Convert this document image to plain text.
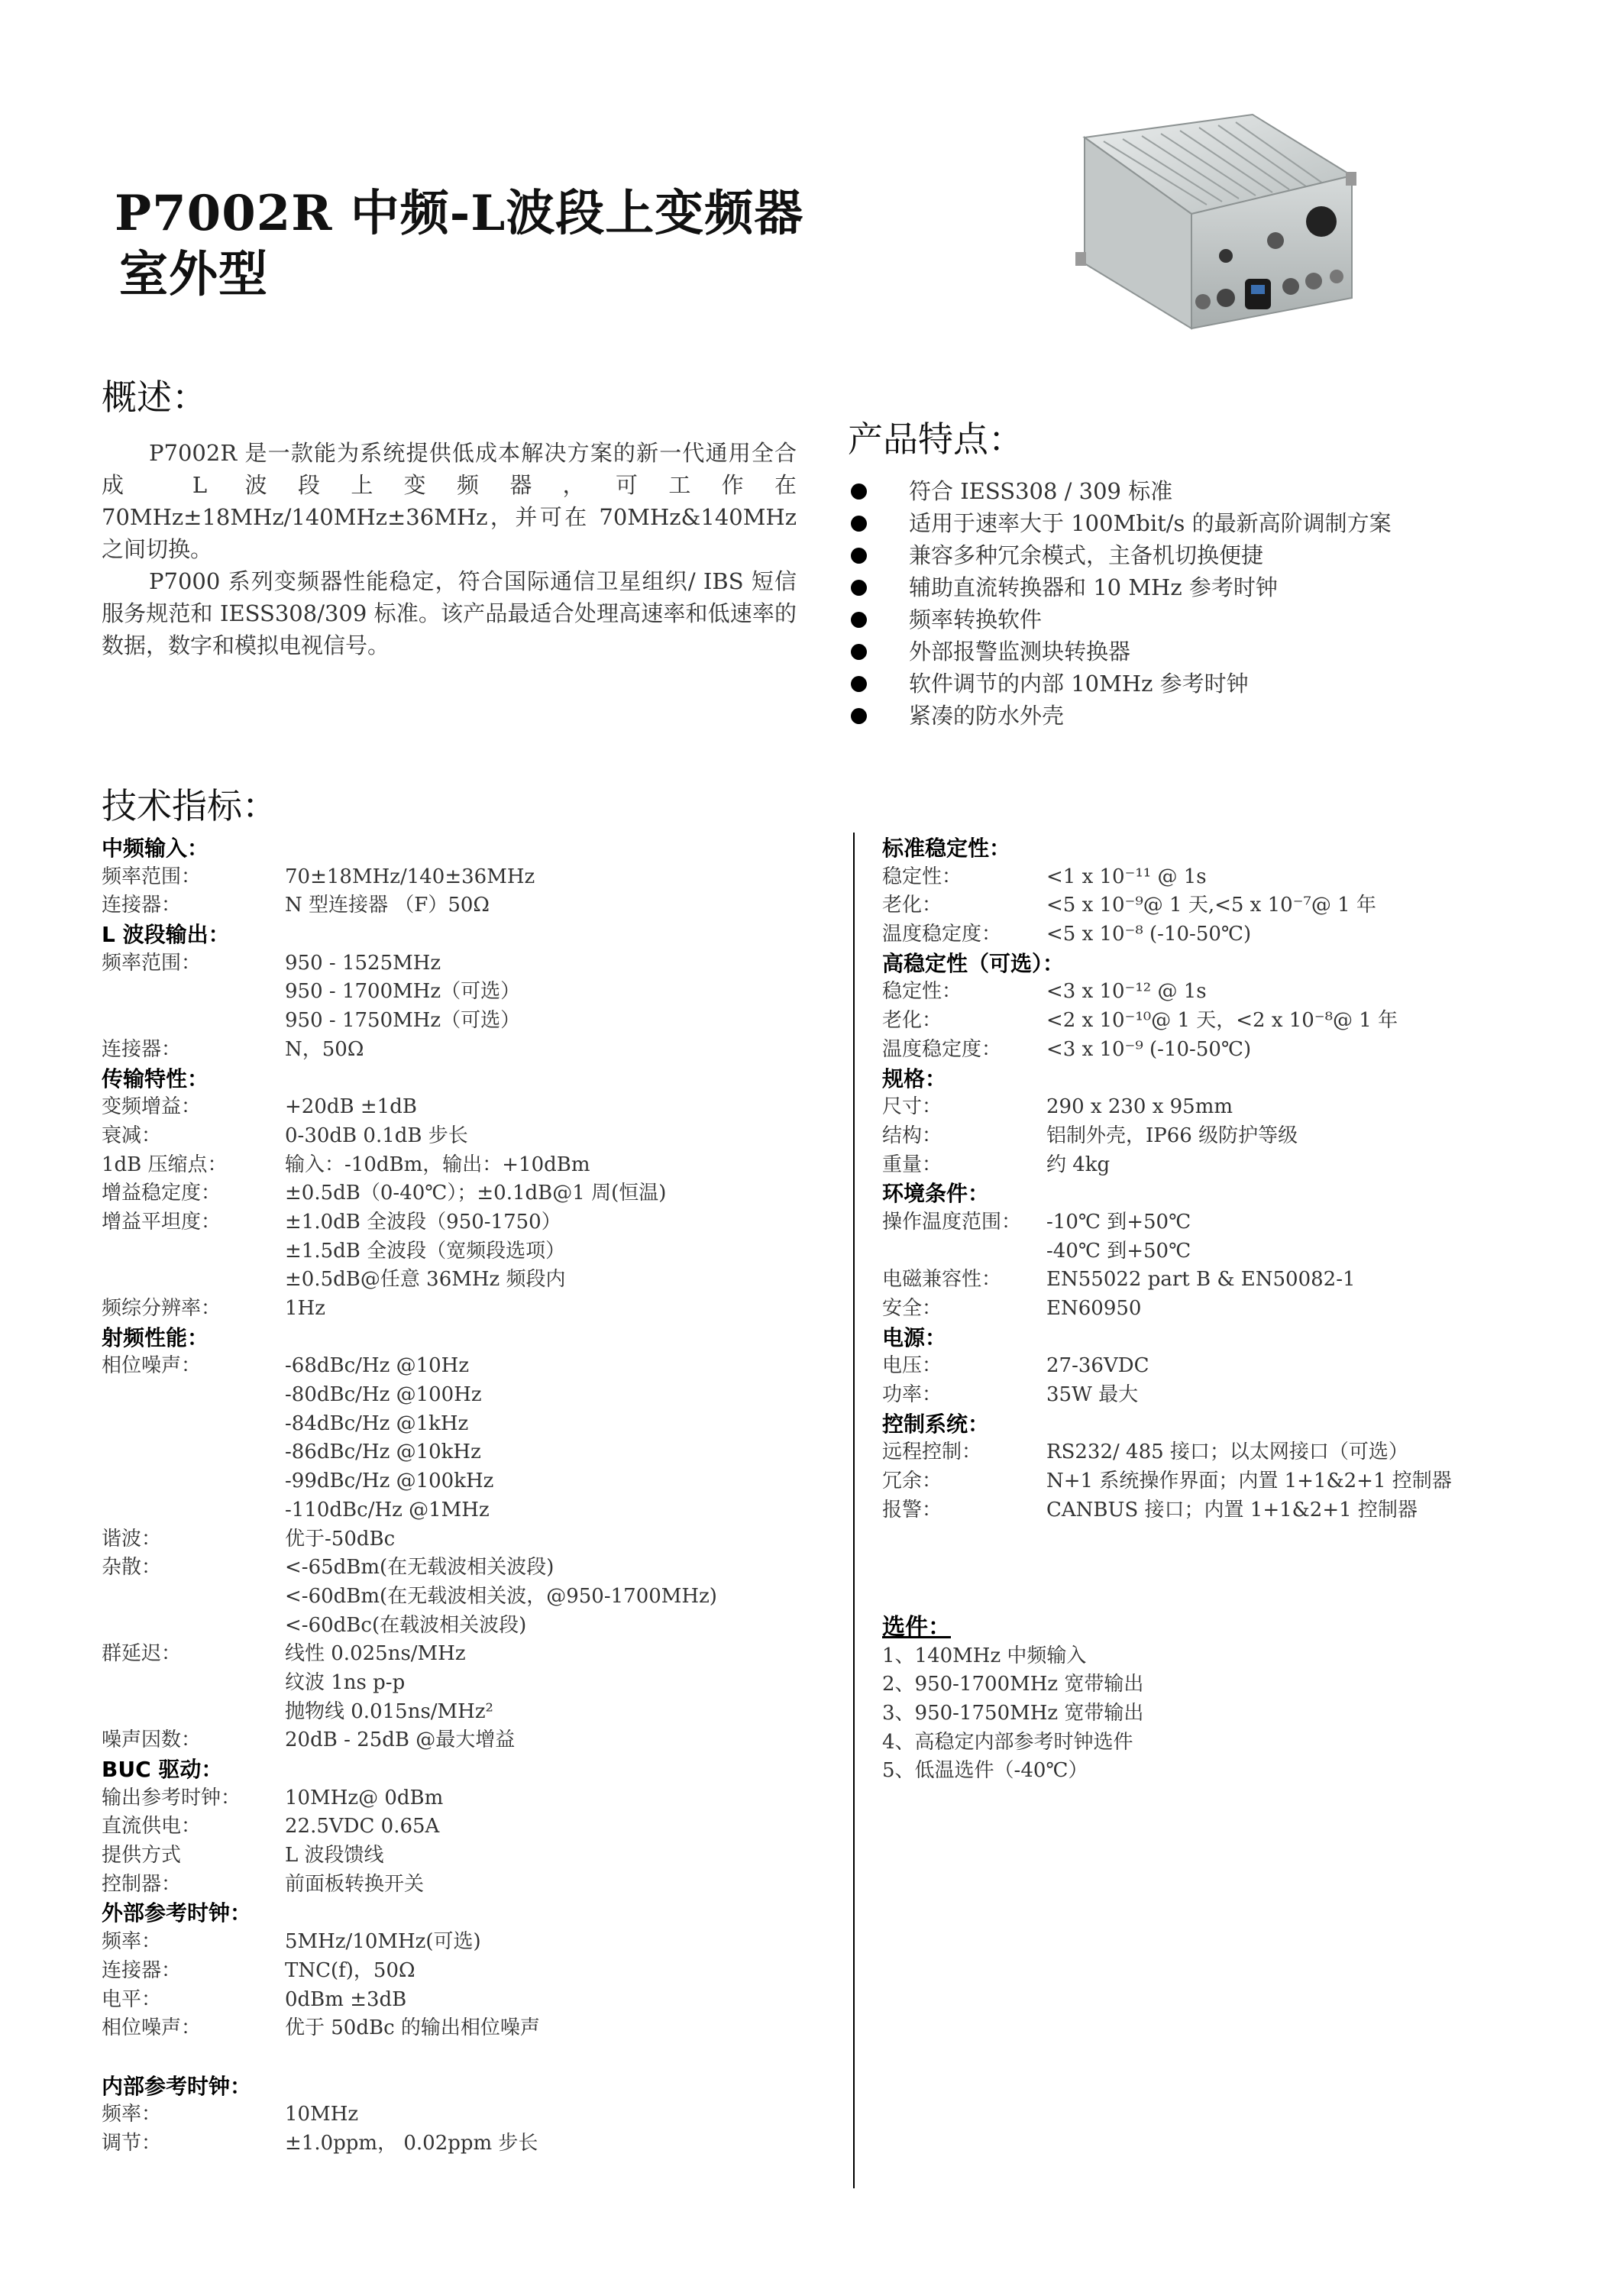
P7002R 中频-L波段上变频器
室外型
概述：

P7002R 是一款能为系统提供低成本解决方案的新一代通用全合成 L 波段上变频器，可工作在 70MHz±18MHz/140MHz±36MHz，并可在 70MHz&140MHz 之间切换。

P7000 系列变频器性能稳定，符合国际通信卫星组织/ IBS 短信服务规范和 IESS308/309 标准。该产品最适合处理高速率和低速率的数据，数字和模拟电视信号。

产品特点：
符合 IESS308 / 309 标准
适用于速率大于 100Mbit/s 的最新高阶调制方案
兼容多种冗余模式，主备机切换便捷
辅助直流转换器和 10 MHz 参考时钟
频率转换软件
外部报警监测块转换器
软件调节的内部 10MHz 参考时钟
紧凑的防水外壳
技术指标：
中频输入：
频率范围：	70±18MHz/140±36MHz
连接器：	N 型连接器 （F）50Ω
L 波段输出：
频率范围：	950 - 1525MHz
950 - 1700MHz（可选）
950 - 1750MHz（可选）
连接器：	N，50Ω
传输特性：
变频增益：	+20dB ±1dB
衰减：	0-30dB 0.1dB 步长
1dB 压缩点：	输入：-10dBm，输出：+10dBm
增益稳定度：	±0.5dB（0-40℃）；±0.1dB@1 周(恒温)
增益平坦度：	±1.0dB 全波段（950-1750）
±1.5dB 全波段（宽频段选项）
±0.5dB@任意 36MHz 频段内
频综分辨率：	1Hz
射频性能：
相位噪声：	-68dBc/Hz @10Hz
-80dBc/Hz @100Hz
-84dBc/Hz @1kHz
-86dBc/Hz @10kHz
-99dBc/Hz @100kHz
-110dBc/Hz @1MHz
谐波：	优于-50dBc
杂散：	<-65dBm(在无载波相关波段)
<-60dBm(在无载波相关波，@950-1700MHz)
<-60dBc(在载波相关波段)
群延迟：	线性 0.025ns/MHz
纹波 1ns p-p
抛物线 0.015ns/MHz²
噪声因数：	20dB - 25dB @最大增益
BUC 驱动：
输出参考时钟： 10MHz@ 0dBm
直流供电：	22.5VDC 0.65A
提供方式	L 波段馈线
控制器：	前面板转换开关
外部参考时钟：
频率：	5MHz/10MHz(可选)
连接器：	TNC(f)，50Ω
电平：	0dBm ±3dB
相位噪声：	优于 50dBc 的输出相位噪声
内部参考时钟：
频率：	10MHz
调节：	±1.0ppm， 0.02ppm 步长
标准稳定性：
稳定性：	<1 x 10⁻¹¹ @ 1s
老化：	<5 x 10⁻⁹@ 1 天,<5 x 10⁻⁷@ 1 年
温度稳定度： <5 x 10⁻⁸ (-10-50℃)
高稳定性（可选）：
稳定性：	<3 x 10⁻¹² @ 1s
老化：	<2 x 10⁻¹⁰@ 1 天，<2 x 10⁻⁸@ 1 年
温度稳定度： <3 x 10⁻⁹ (-10-50℃)
规格：
尺寸：	290 x 230 x 95mm
结构：	铝制外壳，IP66 级防护等级
重量：	约 4kg
环境条件：
操作温度范围： -10℃ 到+50℃
-40℃ 到+50℃
电磁兼容性： EN55022 part B & EN50082-1
安全：	EN60950
电源：
电压：	27-36VDC
功率：	35W 最大
控制系统：
远程控制：	RS232/ 485 接口；以太网接口（可选）
冗余：	N+1 系统操作界面；内置 1+1&2+1 控制器
报警：	CANBUS 接口；内置 1+1&2+1 控制器
选件：
1、140MHz 中频输入
2、950-1700MHz 宽带输出
3、950-1750MHz 宽带输出
4、高稳定内部参考时钟选件
5、低温选件（-40℃）
